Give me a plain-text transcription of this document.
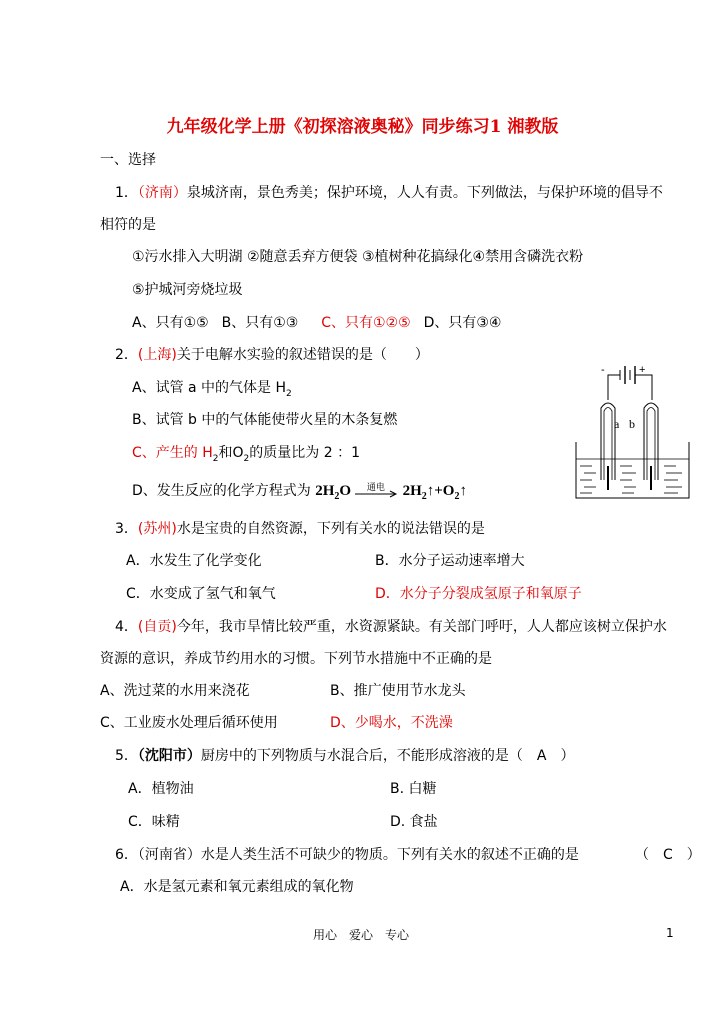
九年级化学上册《初探溶液奥秘》同步练习1 湘教版
一、选择
1．（济南）泉城济南，景色秀美；保护环境，人人有责。下列做法，与保护环境的倡导不
相符的是
①污水排入大明湖 ②随意丢弃方便袋 ③植树种花搞绿化④禁用含磷洗衣粉
⑤护城河旁烧垃圾
A、只有①⑤ B、只有①③ C、只有①②⑤ D、只有③④
2．(上海)关于电解水实验的叙述错误的是（　　）
A、试管 a 中的气体是 $H_2$
B、试管 b 中的气体能使带火星的木条复燃
C、产生的 $H_2$和$O_2$的质量比为 2 ：1
D、发生反应的化学方程式为 $2H_2O$ 通电 $2H_2↑+O_2↑$
-	+
a b
3．(苏州)水是宝贵的自然资源，下列有关水的说法错误的是
A．水发生了化学变化	B．水分子运动速率增大
C．水变成了氢气和氧气	D．水分子分裂成氢原子和氧原子
4．(自贡)今年，我市旱情比较严重，水资源紧缺。有关部门呼吁，人人都应该树立保护水
资源的意识，养成节约用水的习惯。下列节水措施中不正确的是
A、洗过菜的水用来浇花	B、推广使用节水龙头
C、工业废水处理后循环使用	D、少喝水，不洗澡
5．（沈阳市）厨房中的下列物质与水混合后，不能形成溶液的是（　A　）
A．植物油	B. 白糖
C．味精	D. 食盐
6．（河南省）水是人类生活不可缺少的物质。下列有关水的叙述不正确的是	（　C　）
A．水是氢元素和氧元素组成的氧化物
用心　爱心　专心	1
